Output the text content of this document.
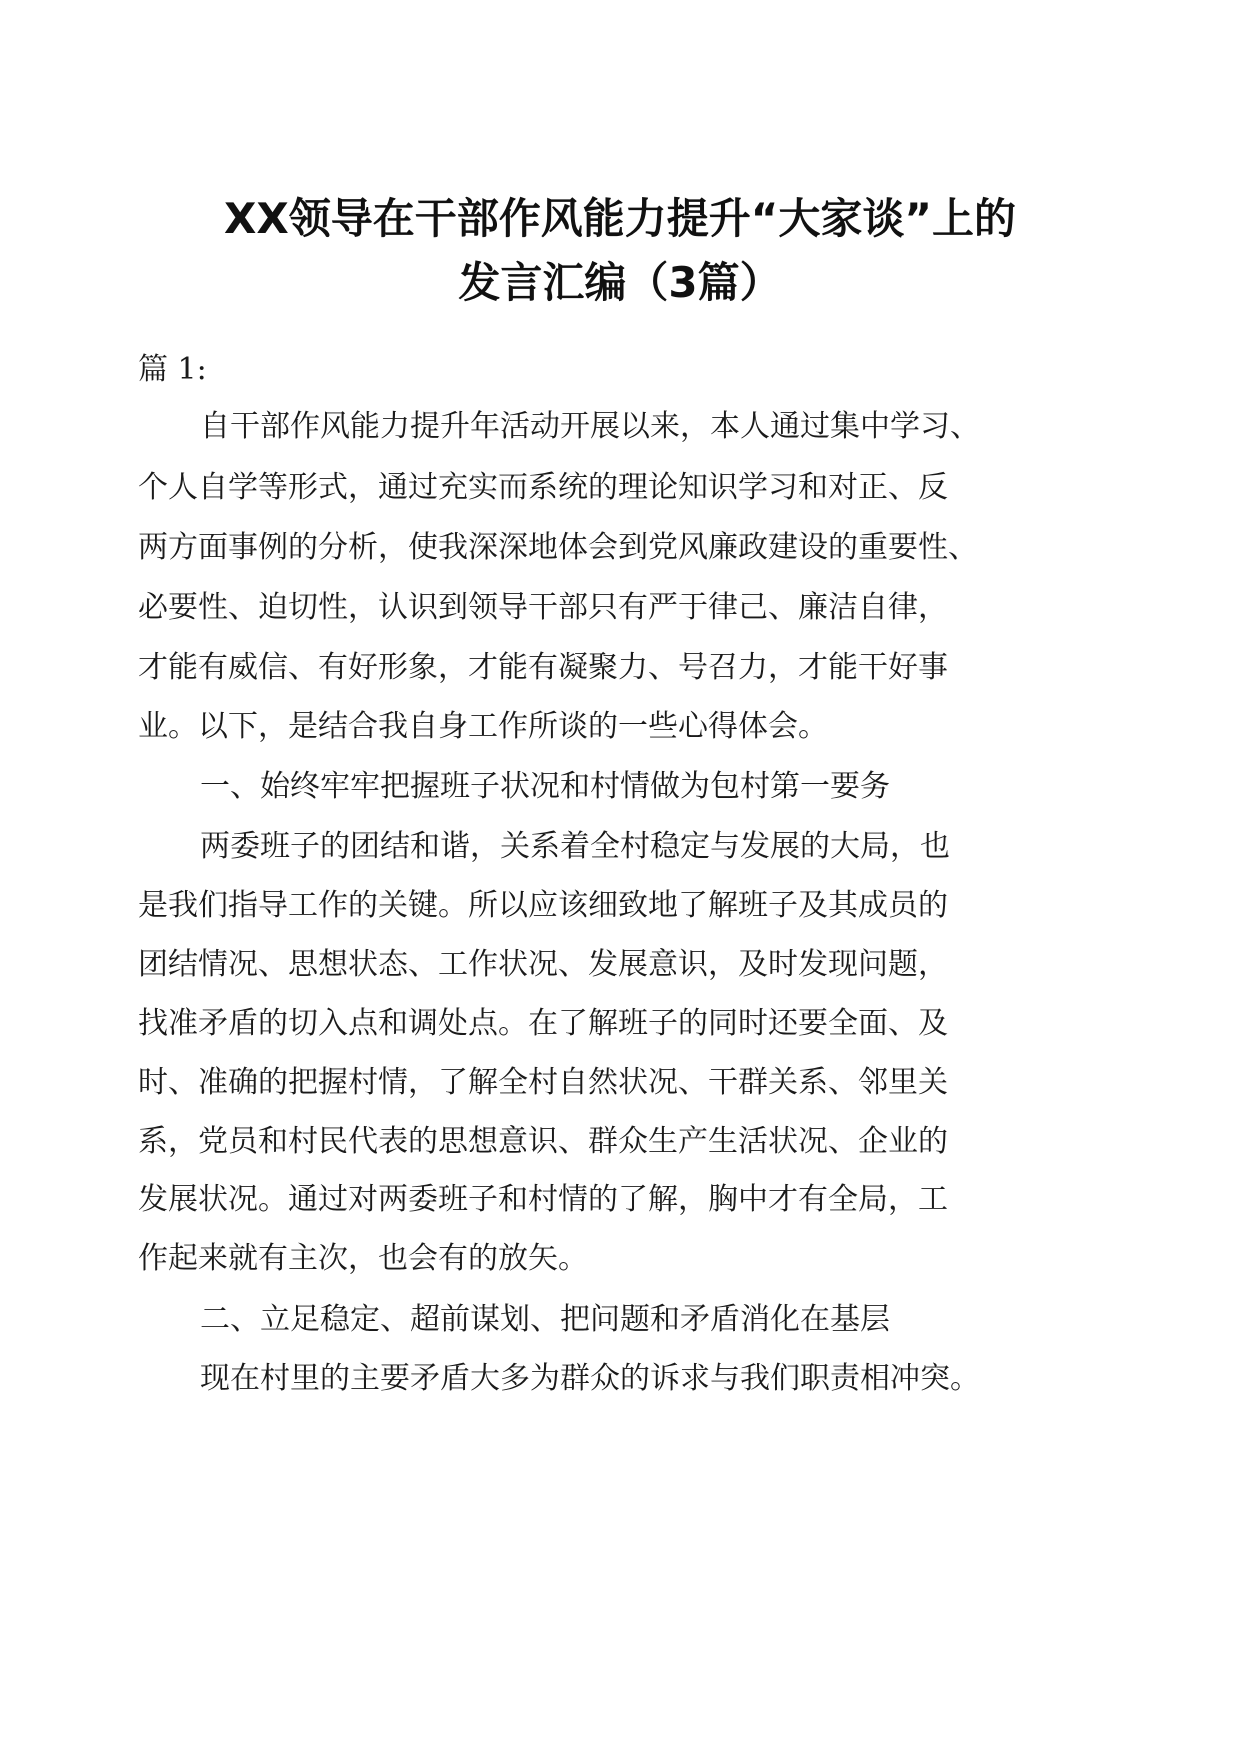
XX领导在干部作风能力提升“大家谈”上的
发言汇编（3篇）
篇 1:
自干部作风能力提升年活动开展以来，本人通过集中学习、
个人自学等形式，通过充实而系统的理论知识学习和对正、反
两方面事例的分析，使我深深地体会到党风廉政建设的重要性、
必要性、迫切性，认识到领导干部只有严于律己、廉洁自律，
才能有威信、有好形象，才能有凝聚力、号召力，才能干好事
业。以下，是结合我自身工作所谈的一些心得体会。
一、始终牢牢把握班子状况和村情做为包村第一要务
两委班子的团结和谐，关系着全村稳定与发展的大局，也
是我们指导工作的关键。所以应该细致地了解班子及其成员的
团结情况、思想状态、工作状况、发展意识，及时发现问题，
找准矛盾的切入点和调处点。在了解班子的同时还要全面、及
时、准确的把握村情，了解全村自然状况、干群关系、邻里关
系，党员和村民代表的思想意识、群众生产生活状况、企业的
发展状况。通过对两委班子和村情的了解，胸中才有全局，工
作起来就有主次，也会有的放矢。
二、立足稳定、超前谋划、把问题和矛盾消化在基层
现在村里的主要矛盾大多为群众的诉求与我们职责相冲突。
